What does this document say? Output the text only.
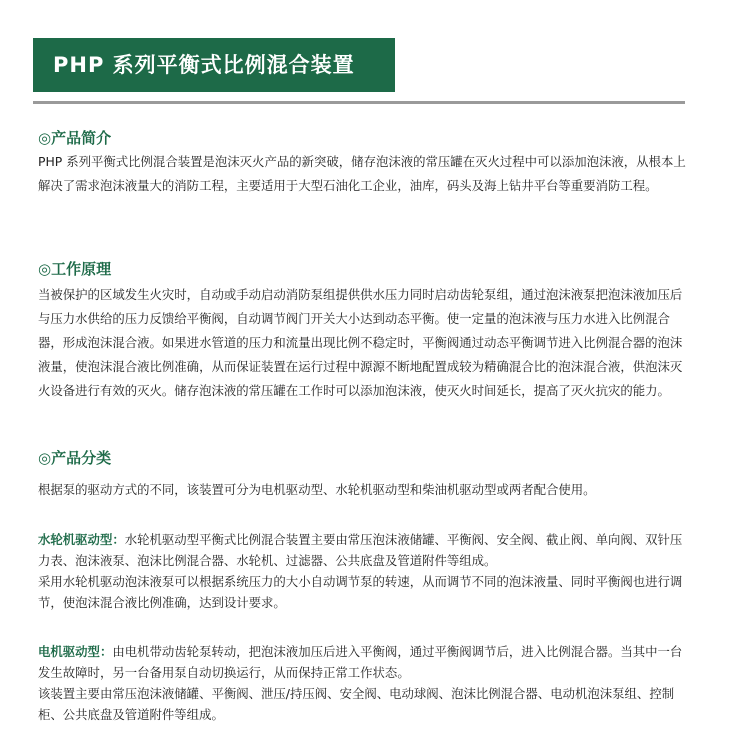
PHP 系列平衡式比例混合装置
◎产品简介
PHP 系列平衡式比例混合装置是泡沫灭火产品的新突破，储存泡沫液的常压罐在灭火过程中可以添加泡沫液，从根本上解决了需求泡沫液量大的消防工程，主要适用于大型石油化工企业，油库，码头及海上钻井平台等重要消防工程。
◎工作原理
当被保护的区域发生火灾时，自动或手动启动消防泵组提供供水压力同时启动齿轮泵组，通过泡沫液泵把泡沫液加压后与压力水供给的压力反馈给平衡阀，自动调节阀门开关大小达到动态平衡。使一定量的泡沫液与压力水进入比例混合器，形成泡沫混合液。如果进水管道的压力和流量出现比例不稳定时，平衡阀通过动态平衡调节进入比例混合器的泡沫液量，使泡沫混合液比例准确，从而保证装置在运行过程中源源不断地配置成较为精确混合比的泡沫混合液，供泡沫灭火设备进行有效的灭火。储存泡沫液的常压罐在工作时可以添加泡沫液，使灭火时间延长，提高了灭火抗灾的能力。
◎产品分类
根据泵的驱动方式的不同，该装置可分为电机驱动型、水轮机驱动型和柴油机驱动型或两者配合使用。
水轮机驱动型：水轮机驱动型平衡式比例混合装置主要由常压泡沫液储罐、平衡阀、安全阀、截止阀、单向阀、双针压力表、泡沫液泵、泡沫比例混合器、水轮机、过滤器、公共底盘及管道附件等组成。
采用水轮机驱动泡沫液泵可以根据系统压力的大小自动调节泵的转速，从而调节不同的泡沫液量、同时平衡阀也进行调节，使泡沫混合液比例准确，达到设计要求。
电机驱动型：由电机带动齿轮泵转动，把泡沫液加压后进入平衡阀，通过平衡阀调节后，进入比例混合器。当其中一台发生故障时，另一台备用泵自动切换运行，从而保持正常工作状态。
该装置主要由常压泡沫液储罐、平衡阀、泄压/持压阀、安全阀、电动球阀、泡沫比例混合器、电动机泡沫泵组、控制柜、公共底盘及管道附件等组成。
